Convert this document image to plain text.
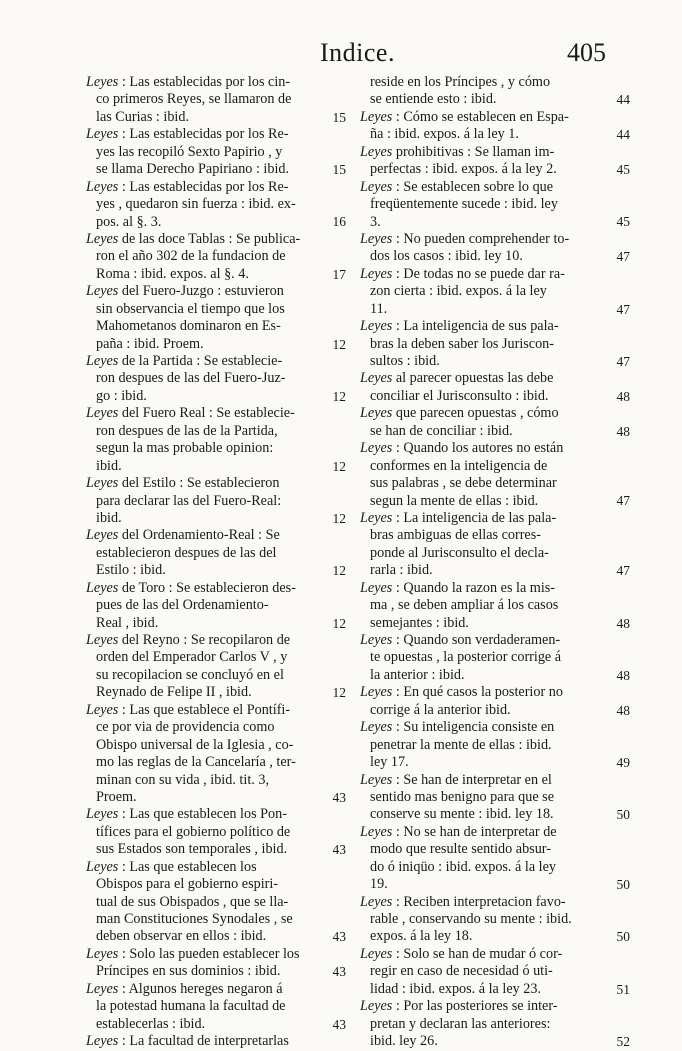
Indice.	405
Leyes : Las establecidas por los cin-
co primeros Reyes, se llamaron de
las Curias : ibid.	15
Leyes : Las establecidas por los Re-
yes las recopiló Sexto Papirio , y
se llama Derecho Papiriano : ibid.	15
Leyes : Las establecidas por los Re-
yes , quedaron sin fuerza : ibid. ex-
pos. al §. 3.	16
Leyes de las doce Tablas : Se publica-
ron el año 302 de la fundacion de
Roma : ibid. expos. al §. 4.	17
Leyes del Fuero-Juzgo : estuvieron
sin observancia el tiempo que los
Mahometanos dominaron en Es-
paña : ibid. Proem.	12
Leyes de la Partida : Se establecie-
ron despues de las del Fuero-Juz-
go : ibid.	12
Leyes del Fuero Real : Se establecie-
ron despues de las de la Partida,
segun la mas probable opinion:
ibid.	12
Leyes del Estilo : Se establecieron
para declarar las del Fuero-Real:
ibid.	12
Leyes del Ordenamiento-Real : Se
establecieron despues de las del
Estilo : ibid.	12
Leyes de Toro : Se establecieron des-
pues de las del Ordenamiento-
Real , ibid.	12
Leyes del Reyno : Se recopilaron de
orden del Emperador Carlos V , y
su recopilacion se concluyó en el
Reynado de Felipe II , ibid.	12
Leyes : Las que establece el Pontífi-
ce por via de providencia como
Obispo universal de la Iglesia , co-
mo las reglas de la Cancelaría , ter-
minan con su vida , ibid. tit. 3,
Proem.	43
Leyes : Las que establecen los Pon-
tífices para el gobierno político de
sus Estados son temporales , ibid.	43
Leyes : Las que establecen los
Obispos para el gobierno espiri-
tual de sus Obispados , que se lla-
man Constituciones Synodales , se
deben observar en ellos : ibid.	43
Leyes : Solo las pueden establecer los
Príncipes en sus dominios : ibid.	43
Leyes : Algunos hereges negaron á
la potestad humana la facultad de
establecerlas : ibid.	43
Leyes : La facultad de interpretarlas
reside en los Príncipes , y cómo
se entiende esto : ibid.	44
Leyes : Cómo se establecen en Espa-
ña : ibid. expos. á la ley 1.	44
Leyes prohibitivas : Se llaman im-
perfectas : ibid. expos. á la ley 2.	45
Leyes : Se establecen sobre lo que
freqüentemente sucede : ibid. ley
3.	45
Leyes : No pueden comprehender to-
dos los casos : ibid. ley 10.	47
Leyes : De todas no se puede dar ra-
zon cierta : ibid. expos. á la ley
11.	47
Leyes : La inteligencia de sus pala-
bras la deben saber los Juriscon-
sultos : ibid.	47
Leyes al parecer opuestas las debe
conciliar el Jurisconsulto : ibid.	48
Leyes que parecen opuestas , cómo
se han de conciliar : ibid.	48
Leyes : Quando los autores no están
conformes en la inteligencia de
sus palabras , se debe determinar
segun la mente de ellas : ibid.	47
Leyes : La inteligencia de las pala-
bras ambiguas de ellas corres-
ponde al Jurisconsulto el decla-
rarla : ibid.	47
Leyes : Quando la razon es la mis-
ma , se deben ampliar á los casos
semejantes : ibid.	48
Leyes : Quando son verdaderamen-
te opuestas , la posterior corrige á
la anterior : ibid.	48
Leyes : En qué casos la posterior no
corrige á la anterior ibid.	48
Leyes : Su inteligencia consiste en
penetrar la mente de ellas : ibid.
ley 17.	49
Leyes : Se han de interpretar en el
sentido mas benigno para que se
conserve su mente : ibid. ley 18.	50
Leyes : No se han de interpretar de
modo que resulte sentido absur-
do ó iniqüo : ibid. expos. á la ley
19.	50
Leyes : Reciben interpretacion favo-
rable , conservando su mente : ibid.
expos. á la ley 18.	50
Leyes : Solo se han de mudar ó cor-
regir en caso de necesidad ó uti-
lidad : ibid. expos. á la ley 23.	51
Leyes : Por las posteriores se inter-
pretan y declaran las anteriores:
ibid. ley 26.	52
